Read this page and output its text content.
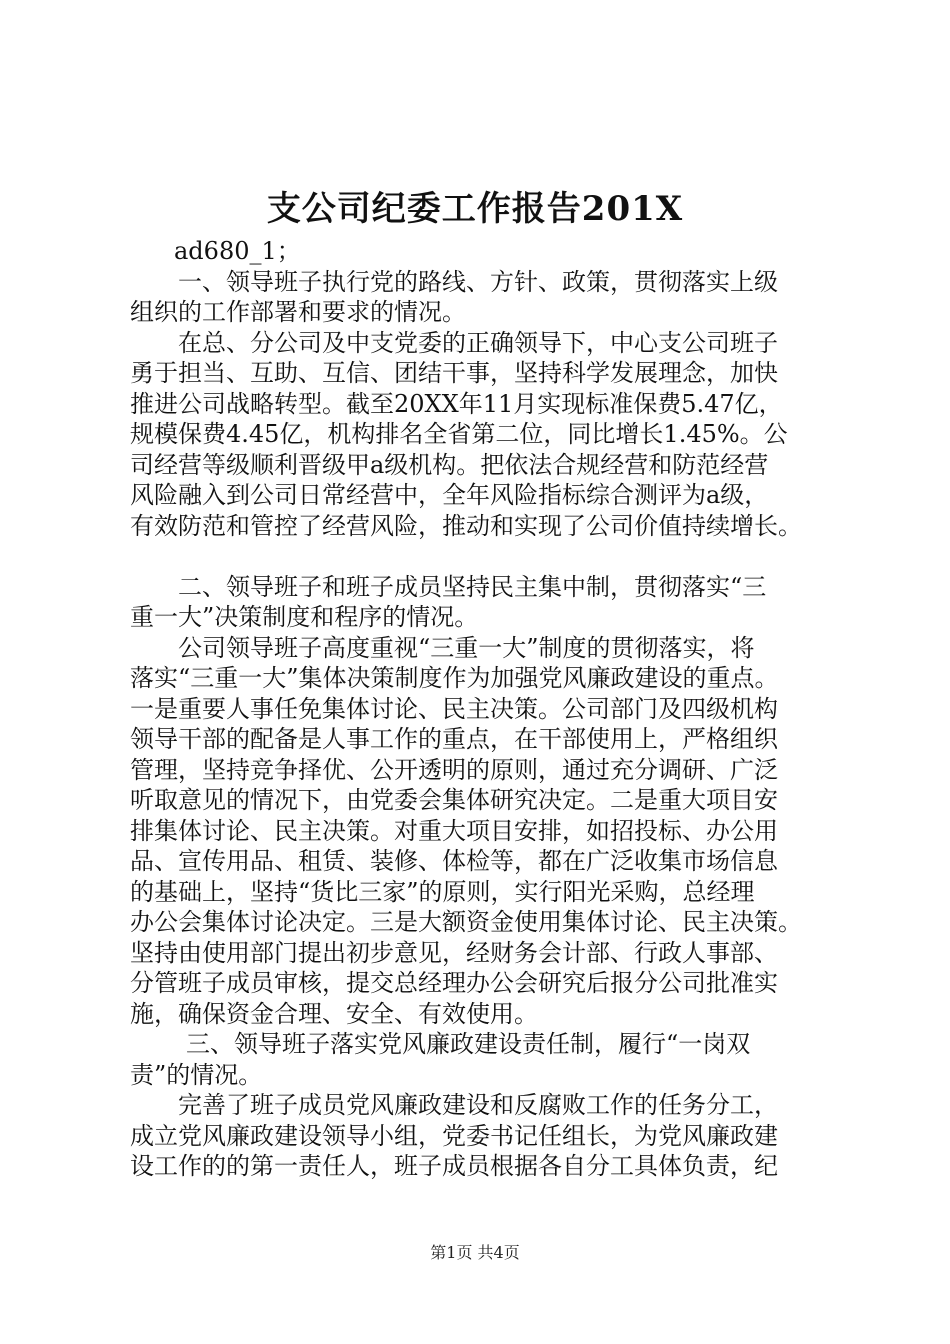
支公司纪委工作报告201X
ad680_1；
一、领导班子执行党的路线、方针、政策，贯彻落实上级
组织的工作部署和要求的情况。
在总、分公司及中支党委的正确领导下，中心支公司班子
勇于担当、互助、互信、团结干事，坚持科学发展理念，加快
推进公司战略转型。截至20XX年11月实现标准保费5.47亿，
规模保费4.45亿，机构排名全省第二位，同比增长1.45%。公
司经营等级顺利晋级甲a级机构。把依法合规经营和防范经营
风险融入到公司日常经营中，全年风险指标综合测评为a级，
有效防范和管控了经营风险，推动和实现了公司价值持续增长。
二、领导班子和班子成员坚持民主集中制，贯彻落实“三
重一大”决策制度和程序的情况。
公司领导班子高度重视“三重一大”制度的贯彻落实，将
落实“三重一大”集体决策制度作为加强党风廉政建设的重点。
一是重要人事任免集体讨论、民主决策。公司部门及四级机构
领导干部的配备是人事工作的重点，在干部使用上，严格组织
管理，坚持竞争择优、公开透明的原则，通过充分调研、广泛
听取意见的情况下，由党委会集体研究决定。二是重大项目安
排集体讨论、民主决策。对重大项目安排，如招投标、办公用
品、宣传用品、租赁、装修、体检等，都在广泛收集市场信息
的基础上，坚持“货比三家”的原则，实行阳光采购，总经理
办公会集体讨论决定。三是大额资金使用集体讨论、民主决策。
坚持由使用部门提出初步意见，经财务会计部、行政人事部、
分管班子成员审核，提交总经理办公会研究后报分公司批准实
施，确保资金合理、安全、有效使用。
三、领导班子落实党风廉政建设责任制，履行“一岗双
责”的情况。
完善了班子成员党风廉政建设和反腐败工作的任务分工，
成立党风廉政建设领导小组，党委书记任组长，为党风廉政建
设工作的的第一责任人，班子成员根据各自分工具体负责，纪
第1页 共4页
